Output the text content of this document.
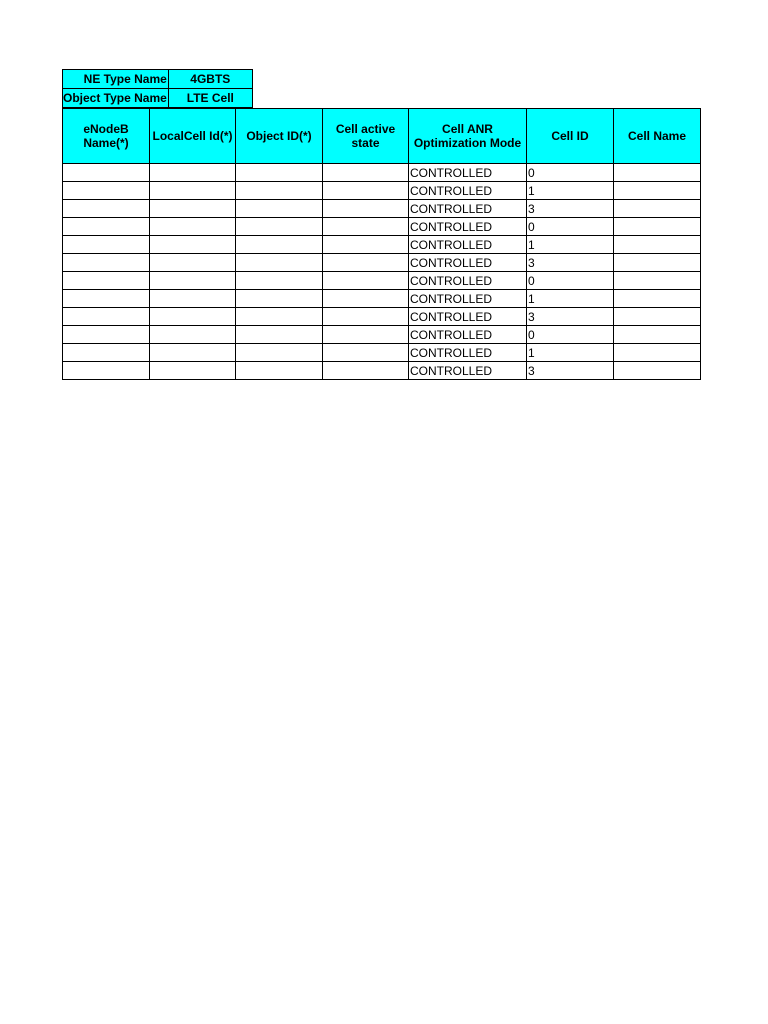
NE Type Name	4GBTS
Object Type Name	LTE Cell
eNodeB Name(*)	LocalCell Id(*)	Object ID(*)	Cell active state	Cell ANR Optimization Mode	Cell ID	Cell Name
				CONTROLLED	0	
				CONTROLLED	1	
				CONTROLLED	3	
				CONTROLLED	0	
				CONTROLLED	1	
				CONTROLLED	3	
				CONTROLLED	0	
				CONTROLLED	1	
				CONTROLLED	3	
				CONTROLLED	0	
				CONTROLLED	1	
				CONTROLLED	3	
